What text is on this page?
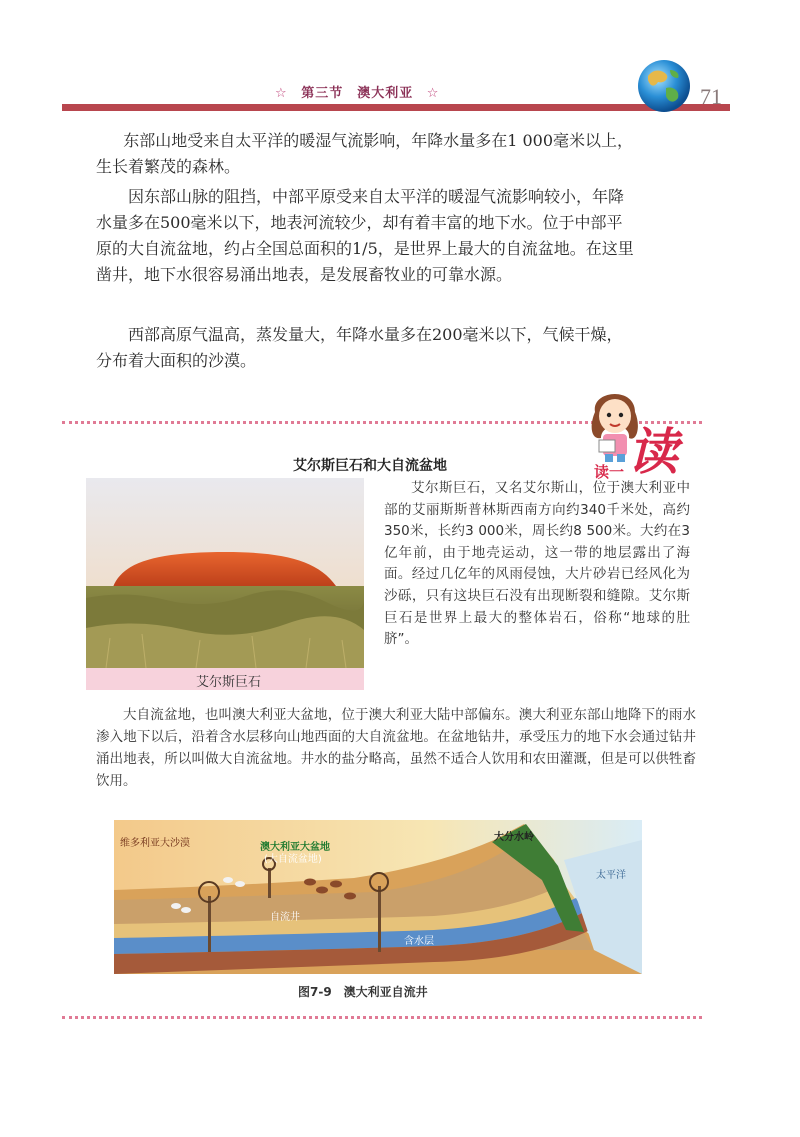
☆ 第三节　澳大利亚 ☆	71
东部山地受来自太平洋的暖湿气流影响，年降水量多在1 000毫米以上，生长着繁茂的森林。
因东部山脉的阻挡，中部平原受来自太平洋的暖湿气流影响较小，年降水量多在500毫米以下，地表河流较少，却有着丰富的地下水。位于中部平原的大自流盆地，约占全国总面积的1/5，是世界上最大的自流盆地。在这里凿井，地下水很容易涌出地表，是发展畜牧业的可靠水源。
西部高原气温高，蒸发量大，年降水量多在200毫米以下，气候干燥，分布着大面积的沙漠。
读一 读
艾尔斯巨石和大自流盆地
艾尔斯巨石
艾尔斯巨石，又名艾尔斯山，位于澳大利亚中部的艾丽斯斯普林斯西南方向约340千米处，高约350米，长约3 000米，周长约8 500米。大约在3亿年前，由于地壳运动，这一带的地层露出了海面。经过几亿年的风雨侵蚀，大片砂岩已经风化为沙砾，只有这块巨石没有出现断裂和缝隙。艾尔斯巨石是世界上最大的整体岩石，俗称“地球的肚脐”。
大自流盆地，也叫澳大利亚大盆地，位于澳大利亚大陆中部偏东。澳大利亚东部山地降下的雨水渗入地下以后，沿着含水层移向山地西面的大自流盆地。在盆地钻井，承受压力的地下水会通过钻井涌出地表，所以叫做大自流盆地。井水的盐分略高，虽然不适合人饮用和农田灌溉，但是可以供牲畜饮用。
维多利亚大沙漠	澳大利亚大盆地
(大自流盆地)
自流井
含水层
大分水岭
太平洋
图7-9　澳大利亚自流井
